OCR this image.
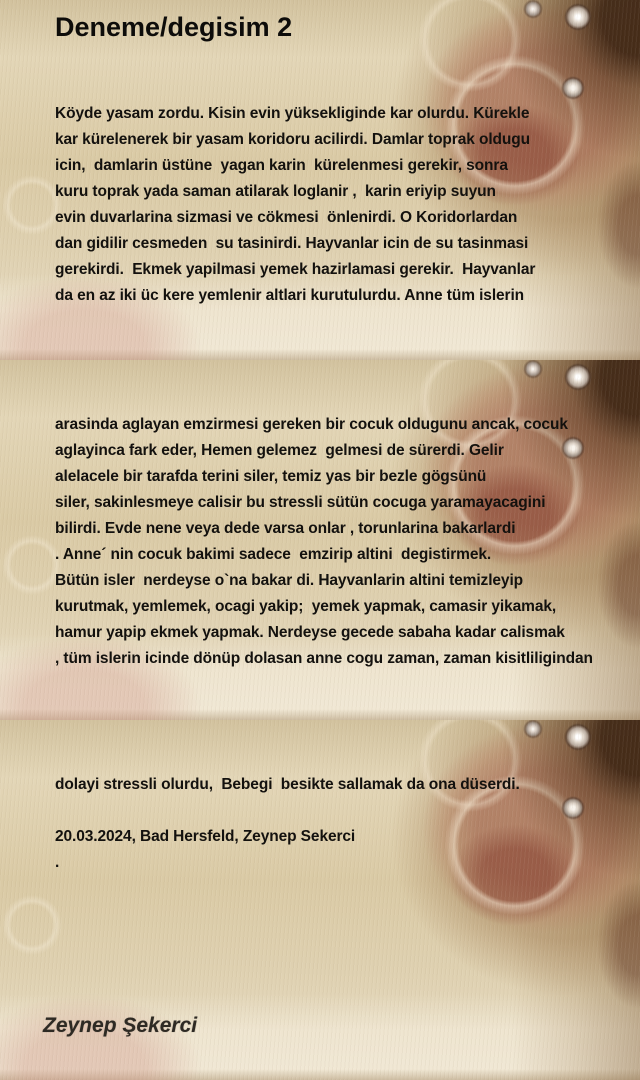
Deneme/degisim 2
Köyde yasam zordu. Kisin evin yüksekliginde kar olurdu. Kürekle
kar kürelenerek bir yasam koridoru acilirdi. Damlar toprak oldugu
icin,  damlarin üstüne  yagan karin  kürelenmesi gerekir, sonra
kuru toprak yada saman atilarak loglanir ,  karin eriyip suyun
evin duvarlarina sizmasi ve cökmesi  önlenirdi. O Koridorlardan
dan gidilir cesmeden  su tasinirdi. Hayvanlar icin de su tasinmasi
gerekirdi.  Ekmek yapilmasi yemek hazirlamasi gerekir.  Hayvanlar
da en az iki üc kere yemlenir altlari kurutulurdu. Anne tüm islerin
arasinda aglayan emzirmesi gereken bir cocuk oldugunu ancak, cocuk
aglayinca fark eder, Hemen gelemez  gelmesi de sürerdi. Gelir
alelacele bir tarafda terini siler, temiz yas bir bezle gögsünü
siler, sakinlesmeye calisir bu stressli sütün cocuga yaramayacagini
bilirdi. Evde nene veya dede varsa onlar , torunlarina bakarlardi
. Anne´ nin cocuk bakimi sadece  emzirip altini  degistirmek.
Bütün isler  nerdeyse o`na bakar di. Hayvanlarin altini temizleyip
kurutmak, yemlemek, ocagi yakip;  yemek yapmak, camasir yikamak,
hamur yapip ekmek yapmak. Nerdeyse gecede sabaha kadar calismak
, tüm islerin icinde dönüp dolasan anne cogu zaman, zaman kisitliligindan
dolayi stressli olurdu,  Bebegi  besikte sallamak da ona düserdi.
20.03.2024, Bad Hersfeld, Zeynep Sekerci
.
Zeynep Şekerci
